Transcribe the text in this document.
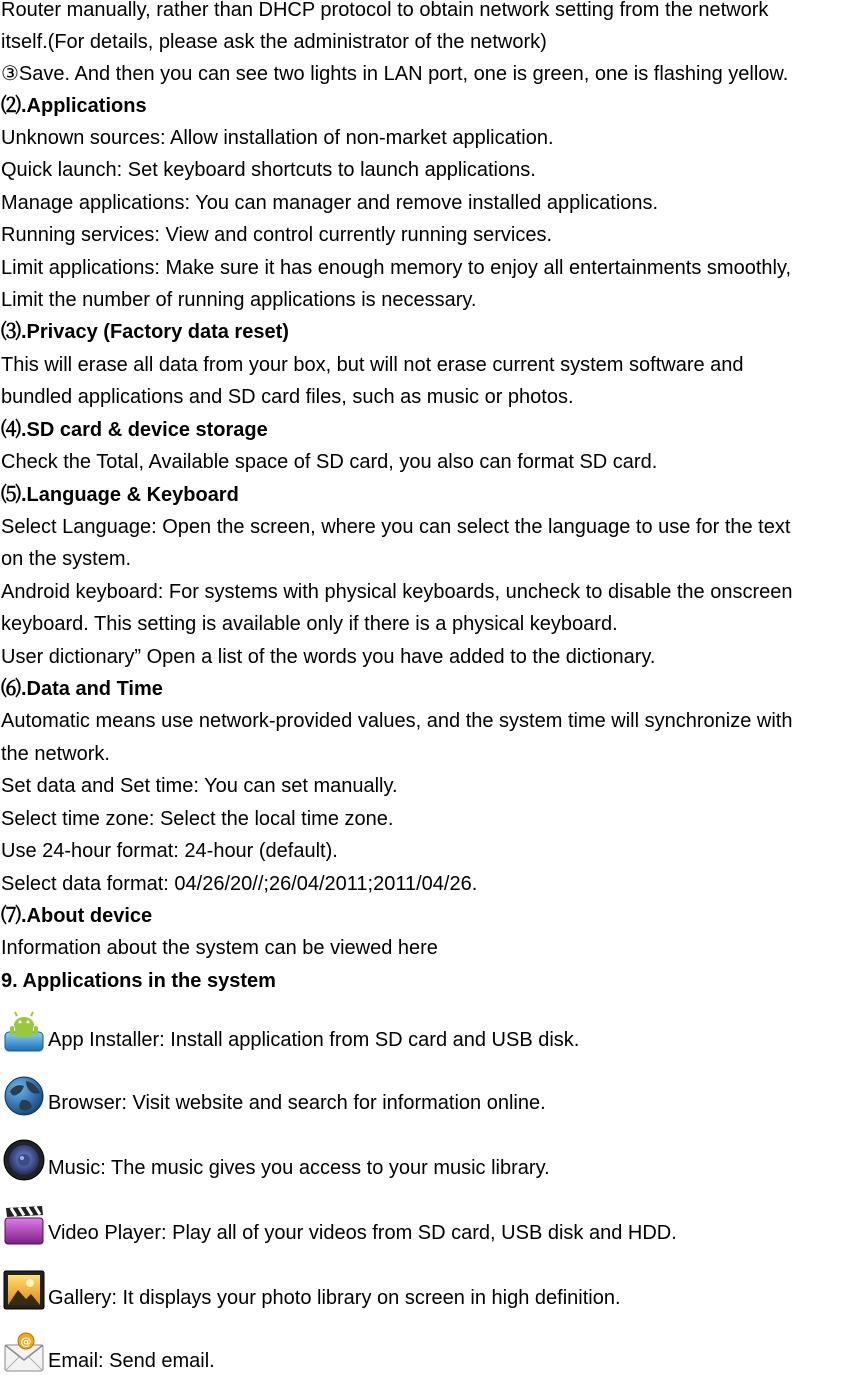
Router manually, rather than DHCP protocol to obtain network setting from the network
itself.(For details, please ask the administrator of the network)
③Save. And then you can see two lights in LAN port, one is green, one is flashing yellow.
⑵.Applications
Unknown sources: Allow installation of non-market application.
Quick launch: Set keyboard shortcuts to launch applications.
Manage applications: You can manager and remove installed applications.
Running services: View and control currently running services.
Limit applications: Make sure it has enough memory to enjoy all entertainments smoothly,
Limit the number of running applications is necessary.
⑶.Privacy (Factory data reset)
This will erase all data from your box, but will not erase current system software and
bundled applications and SD card files, such as music or photos.
⑷.SD card & device storage
Check the Total, Available space of SD card, you also can format SD card.
⑸.Language & Keyboard
Select Language: Open the screen, where you can select the language to use for the text
on the system.
Android keyboard: For systems with physical keyboards, uncheck to disable the onscreen
keyboard. This setting is available only if there is a physical keyboard.
User dictionary” Open a list of the words you have added to the dictionary.
⑹.Data and Time
Automatic means use network-provided values, and the system time will synchronize with
the network.
Set data and Set time: You can set manually.
Select time zone: Select the local time zone.
Use 24-hour format: 24-hour (default).
Select data format: 04/26/20//;26/04/2011;2011/04/26.
⑺.About device
Information about the system can be viewed here
9. Applications in the system
App Installer: Install application from SD card and USB disk.
Browser: Visit website and search for information online.
Music: The music gives you access to your music library.
Video Player: Play all of your videos from SD card, USB disk and HDD.
Gallery: It displays your photo library on screen in high definition.
@
Email: Send email.
